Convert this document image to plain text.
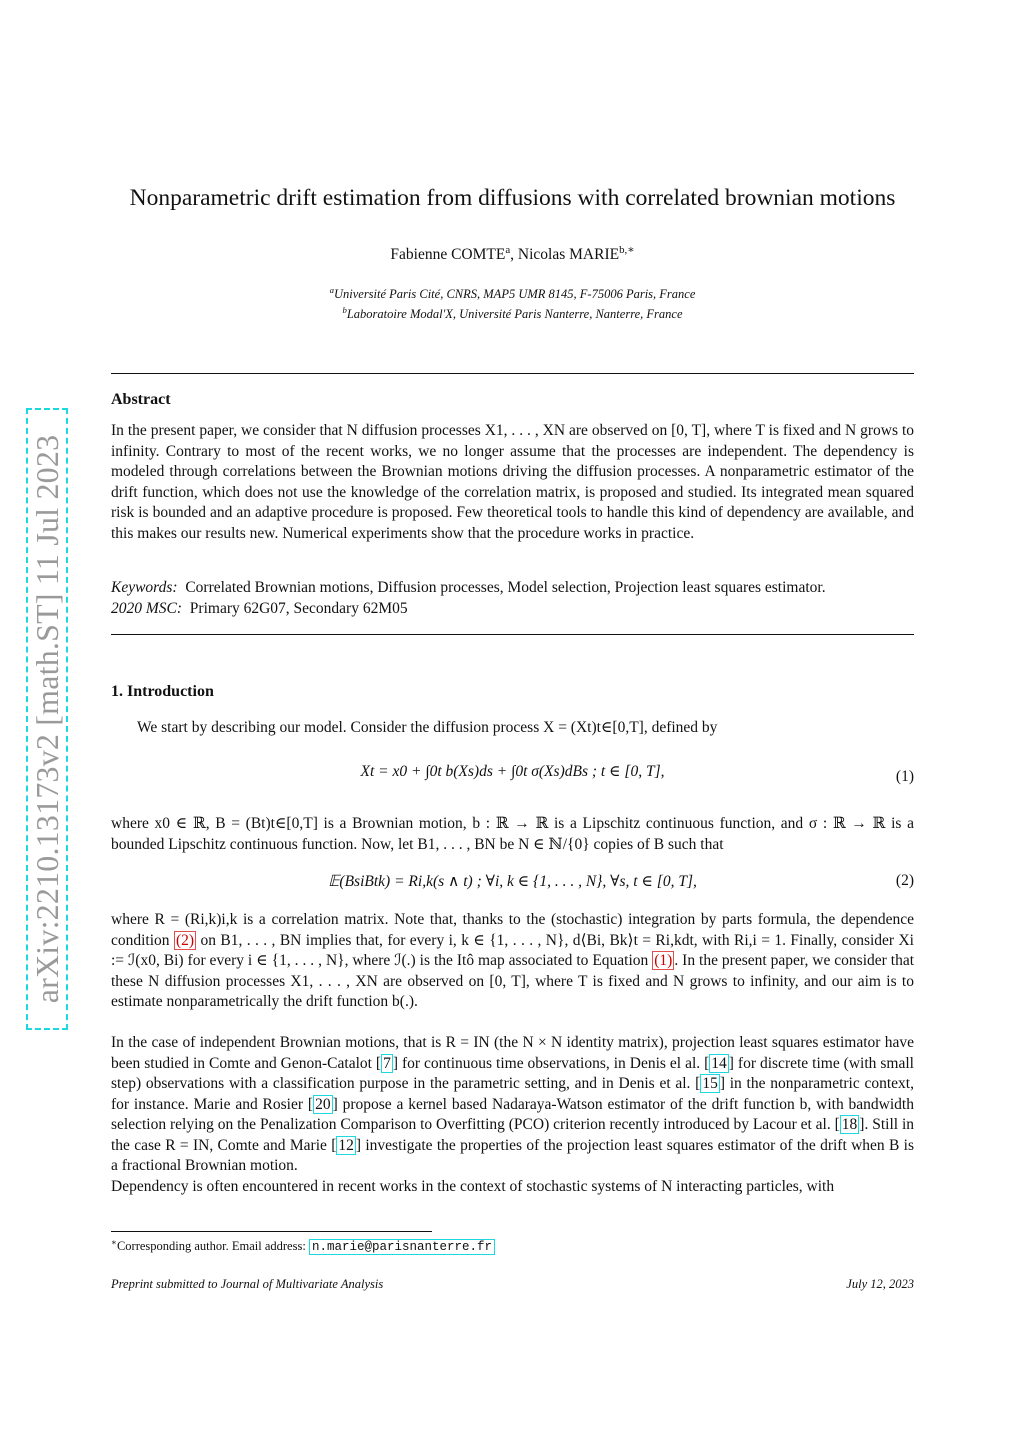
arXiv:2210.13173v2 [math.ST] 11 Jul 2023
Nonparametric drift estimation from diffusions with correlated brownian motions
Fabienne COMTE$^a$, Nicolas $MARIE^{b,∗}$
$^a$Université Paris Cité, CNRS, MAP5 UMR 8145, F-75006 Paris, France
$^b$Laboratoire Modal'X, Université Paris Nanterre, Nanterre, France
Abstract
In the present paper, we consider that N diffusion processes X1, . . . , XN are observed on [0, T], where T is fixed and N grows to infinity. Contrary to most of the recent works, we no longer assume that the processes are independent. The dependency is modeled through correlations between the Brownian motions driving the diffusion processes. A nonparametric estimator of the drift function, which does not use the knowledge of the correlation matrix, is proposed and studied. Its integrated mean squared risk is bounded and an adaptive procedure is proposed. Few theoretical tools to handle this kind of dependency are available, and this makes our results new. Numerical experiments show that the procedure works in practice.
Keywords: Correlated Brownian motions, Diffusion processes, Model selection, Projection least squares estimator.
2020 MSC: Primary 62G07, Secondary 62M05
1. Introduction
We start by describing our model. Consider the diffusion process X = (Xt)t∈[0,T], defined by
Xt = x0 + ∫0t b(Xs)ds + ∫0t σ(Xs)dBs ; t ∈ [0, T],	(1)
where x0 ∈ ℝ, B = (Bt)t∈[0,T] is a Brownian motion, b : ℝ → ℝ is a Lipschitz continuous function, and σ : ℝ → ℝ is a bounded Lipschitz continuous function. Now, let B1, . . . , BN be N ∈ ℕ/{0} copies of B such that
𝔼(BsiBtk) = Ri,k(s ∧ t) ; ∀i, k ∈ {1, . . . , N}, ∀s, t ∈ [0, T],	(2)
where R = (Ri,k)i,k is a correlation matrix. Note that, thanks to the (stochastic) integration by parts formula, the dependence condition (2) on B1, . . . , BN implies that, for every i, k ∈ {1, . . . , N}, d⟨Bi, Bk⟩t = Ri,kdt, with Ri,i = 1. Finally, consider Xi := ℐ(x0, Bi) for every i ∈ {1, . . . , N}, where ℐ(.) is the Itô map associated to Equation (1) . In the present paper, we consider that these N diffusion processes X1, . . . , XN are observed on [0, T], where T is fixed and N grows to infinity, and our aim is to estimate nonparametrically the drift function b(.).
In the case of independent Brownian motions, that is R = IN (the N × N identity matrix), projection least squares estimator have been studied in Comte and Genon-Catalot [ 7 ] for continuous time observations, in Denis el al. [ 14 ] for discrete time (with small step) observations with a classification purpose in the parametric setting, and in Denis et al. [ 15 ] in the nonparametric context, for instance. Marie and Rosier [ 20 ] propose a kernel based Nadaraya-Watson estimator of the drift function b, with bandwidth selection relying on the Penalization Comparison to Overfitting (PCO) criterion recently introduced by Lacour et al. [ 18 ]. Still in the case R = IN, Comte and Marie [ 12 ] investigate the properties of the projection least squares estimator of the drift when B is a fractional Brownian motion.
Dependency is often encountered in recent works in the context of stochastic systems of N interacting particles, with
∗Corresponding author. Email address: n.marie@parisnanterre.fr
Preprint submitted to Journal of Multivariate Analysis	July 12, 2023
